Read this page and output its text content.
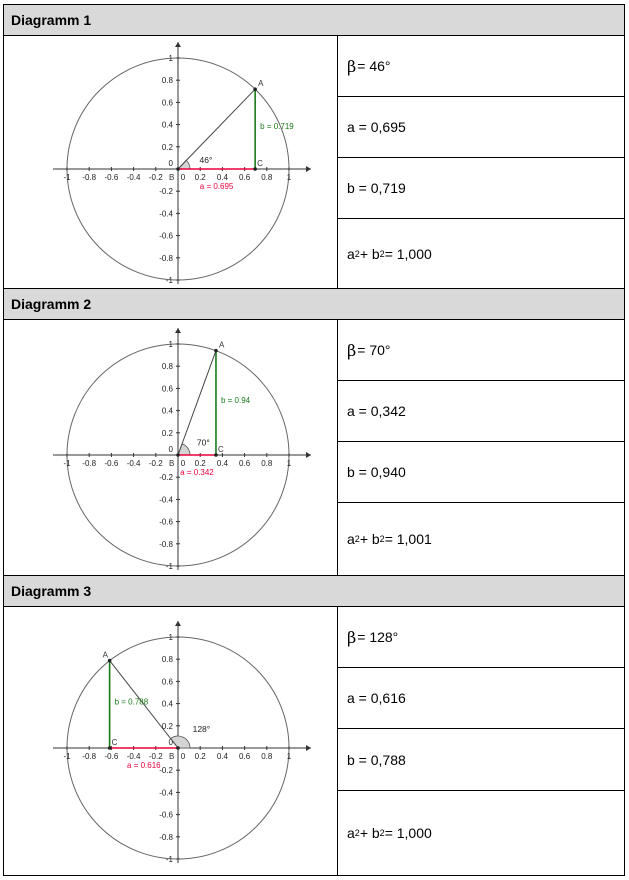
Diagramm 1
-1 -0.8 -0.6 -0.4 -0.2	0.2 0.4 0.6 0.8 1
-1
-0.8
-0.6
-0.4
-0.2
0.2
0.4
0.6
0.8
1
0
0
46°
A
B
C
a = 0.695
b = 0.719
β = 46°
a = 0,695
b = 0,719
a 2 + b 2 = 1,000
Diagramm 2
-1 -0.8 -0.6 -0.4 -0.2	0.2 0.4 0.6 0.8 1
-1
-0.8
-0.6
-0.4
-0.2
0.2
0.4
0.6
0.8
1
0
0
70°
A
B
C
a = 0.342
b = 0.94
β = 70°
a = 0,342
b = 0,940
a 2 + b 2 = 1,001
Diagramm 3
-1 -0.8 -0.6 -0.4 -0.2	0.2 0.4 0.6 0.8 1
-1
-0.8
-0.6
-0.4
-0.2
0.2
0.4
0.6
0.8
1
0
0
128°
A
B
C
a = 0.616
b = 0.788
β = 128°
a = 0,616
b = 0,788
a 2 + b 2 = 1,000
